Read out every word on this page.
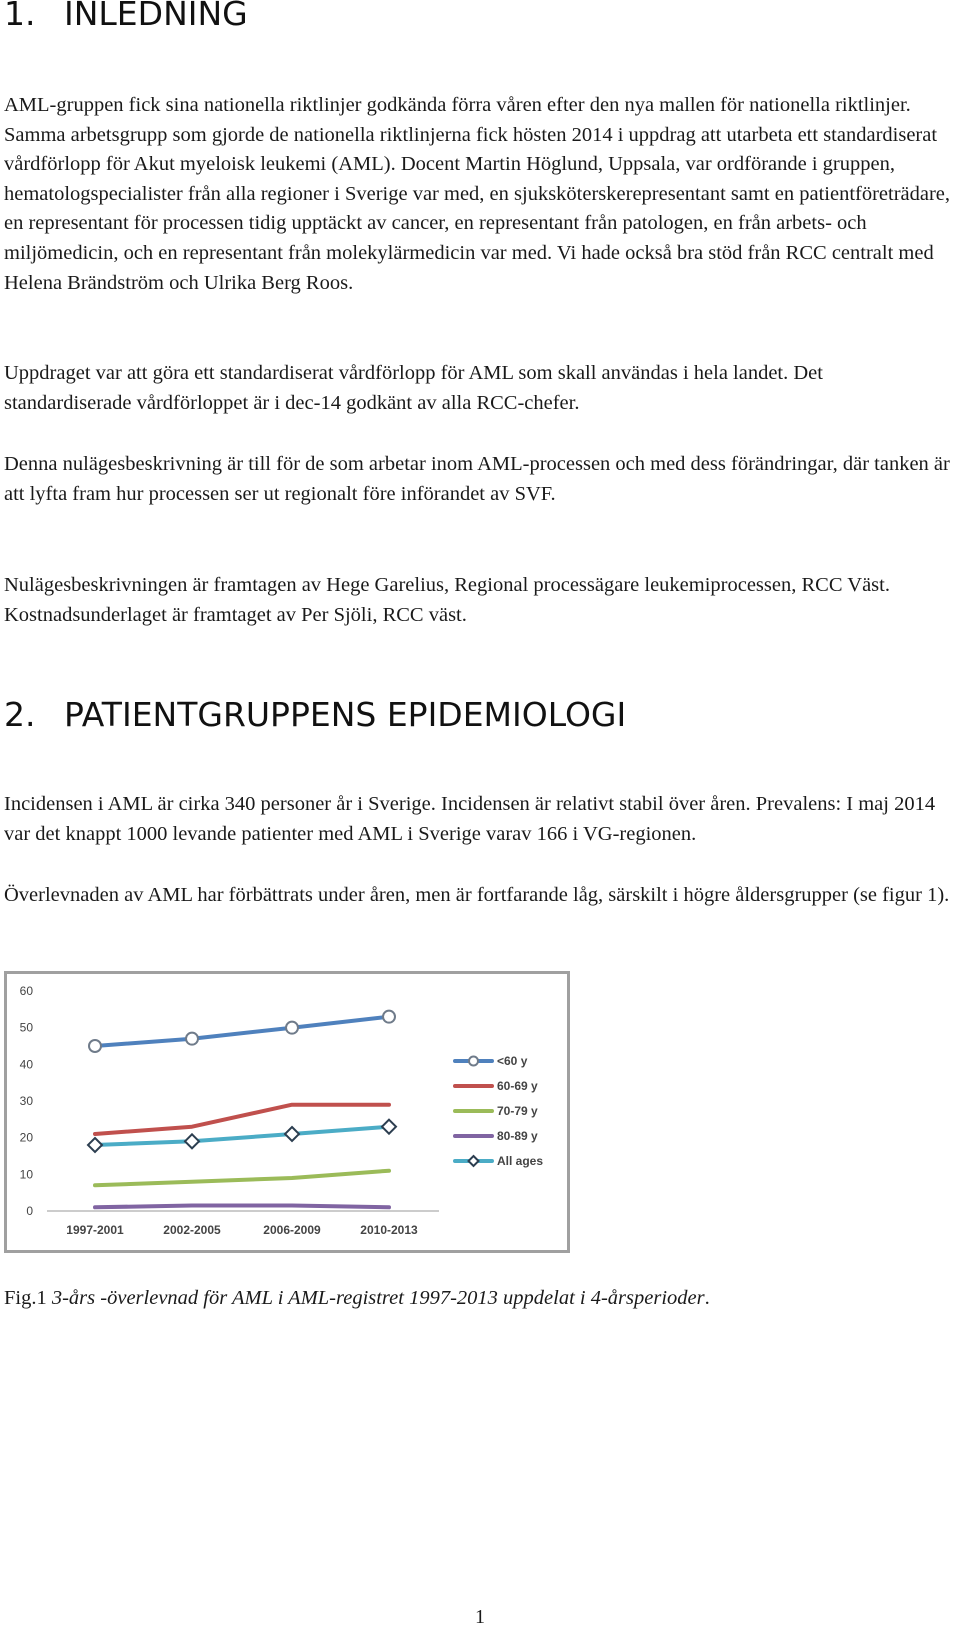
1. INLEDNING

AML-gruppen fick sina nationella riktlinjer godkända förra våren efter den nya mallen för nationella riktlinjer. Samma arbetsgrupp som gjorde de nationella riktlinjerna fick hösten 2014 i uppdrag att utarbeta ett standardiserat vårdförlopp för Akut myeloisk leukemi (AML). Docent Martin Höglund, Uppsala, var ordförande i gruppen, hematologspecialister från alla regioner i Sverige var med, en sjuksköterskerepresentant samt en patientföreträdare, en representant för processen tidig upptäckt av cancer, en representant från patologen, en från arbets- och miljömedicin, och en representant från molekylärmedicin var med. Vi hade också bra stöd från RCC centralt med Helena Brändström och Ulrika Berg Roos.

Uppdraget var att göra ett standardiserat vårdförlopp för AML som skall användas i hela landet. Det standardiserade vårdförloppet är i dec-14 godkänt av alla RCC-chefer.

Denna nulägesbeskrivning är till för de som arbetar inom AML-processen och med dess förändringar, där tanken är att lyfta fram hur processen ser ut regionalt före införandet av SVF.

Nulägesbeskrivningen är framtagen av Hege Garelius, Regional processägare leukemiprocessen, RCC Väst. Kostnadsunderlaget är framtaget av Per Sjöli, RCC väst.

2. PATIENTGRUPPENS EPIDEMIOLOGI

Incidensen i AML är cirka 340 personer år i Sverige. Incidensen är relativt stabil över åren. Prevalens: I maj 2014 var det knappt 1000 levande patienter med AML i Sverige varav 166 i VG-regionen.

Överlevnaden av AML har förbättrats under åren, men är fortfarande låg, särskilt i högre åldersgrupper (se figur 1).

0
10
20
30
40
50
60
1997-2001	2002-2005	2006-2009	2010-2013
<60 y
60-69 y
70-79 y
80-89 y
All ages

Fig.1 3-års -överlevnad för AML i AML-registret 1997-2013 uppdelat i 4-årsperioder.

1
